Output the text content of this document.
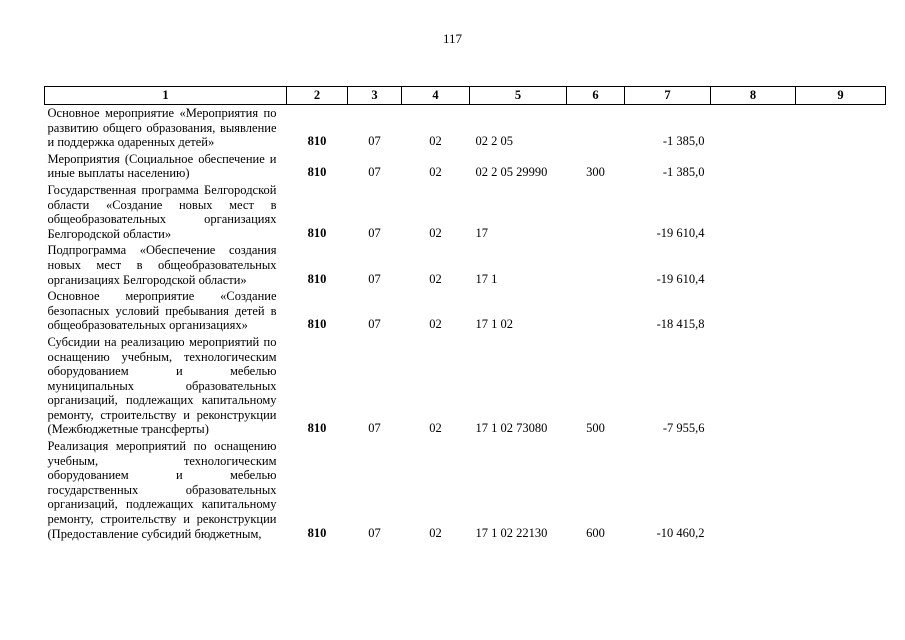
117
1	2	3	4	5	6	7	8	9
Основное мероприятие «Мероприятия по развитию общего образования, выявление и поддержка одаренных детей»	810	07	02	02 2 05		-1 385,0		
Мероприятия (Социальное обеспечение и иные выплаты населению)	810	07	02	02 2 05 29990	300	-1 385,0		
Государственная программа Белгородской области «Создание новых мест в общеобразовательных организациях Белгородской области»	810	07	02	17		-19 610,4		
Подпрограмма «Обеспечение создания новых мест в общеобразовательных организациях Белгородской области»	810	07	02	17 1		-19 610,4		
Основное мероприятие «Создание безопасных условий пребывания детей в общеобразовательных организациях»	810	07	02	17 1 02		-18 415,8		
Субсидии на реализацию мероприятий по оснащению учебным, технологическим оборудованием и мебелью муниципальных образовательных организаций, подлежащих капитальному ремонту, строительству и реконструкции (Межбюджетные трансферты)	810	07	02	17 1 02 73080	500	-7 955,6		
Реализация мероприятий по оснащению учебным, технологическим оборудованием и мебелью государственных образовательных организаций, подлежащих капитальному ремонту, строительству и реконструкции (Предоставление субсидий бюджетным,	810	07	02	17 1 02 22130	600	-10 460,2		
